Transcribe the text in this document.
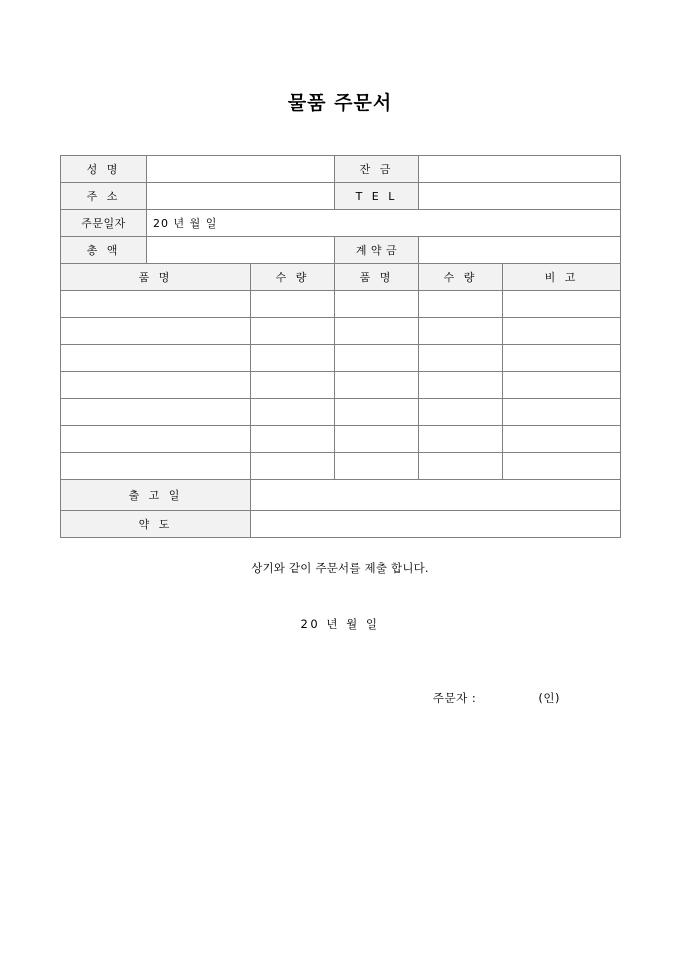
물품 주문서
성 명			잔 금		
주 소			T E L		
주문일자	20 년 월 일				
총 액			계 약 금		
품 명		수 량	품 명	수 량	비 고

출 고 일					
약 도					
상기와 같이 주문서를 제출 합니다.
20 년 월 일
주문자 :	(인)
